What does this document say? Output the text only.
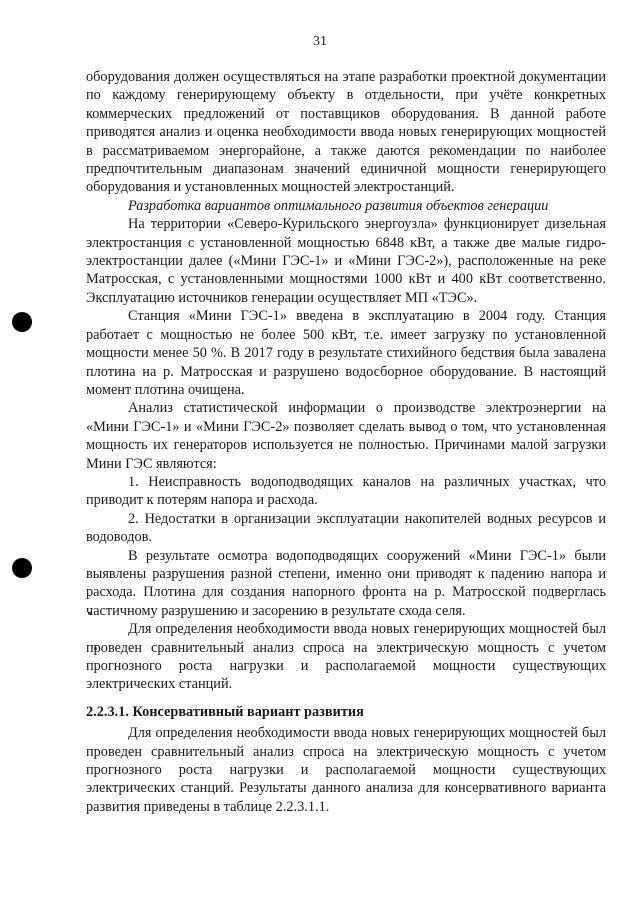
31

оборудования должен осуществляться на этапе разработки проектной документации по каждому генерирующему объекту в отдельности, при учёте конкретных коммерческих предложений от поставщиков оборудования. В данной работе приводятся анализ и оценка необходимости ввода новых генерирующих мощностей в рассматриваемом энергорайоне, а также даются рекомендации по наиболее предпочтительным диапазонам значений единичной мощности генерирующего оборудования и установленных мощностей электростанций.

Разработка вариантов оптимального развития объектов генерации

На территории «Северо-Курильского энергоузла» функционирует дизельная электростанция с установленной мощностью 6848 кВт, а также две малые гидро-электростанции далее («Мини ГЭС-1» и «Мини ГЭС-2»), расположенные на реке Матросская, с установленными мощностями 1000 кВт и 400 кВт соответственно. Эксплуатацию источников генерации осуществляет МП «ТЭС».

Станция «Мини ГЭС-1» введена в эксплуатацию в 2004 году. Станция работает с мощностью не более 500 кВт, т.е. имеет загрузку по установленной мощности менее 50 %. В 2017 году в результате стихийного бедствия была завалена плотина на р. Матросская и разрушено водосборное оборудование. В настоящий момент плотина очищена.

Анализ статистической информации о производстве электроэнергии на «Мини ГЭС-1» и «Мини ГЭС-2» позволяет сделать вывод о том, что установленная мощность их генераторов используется не полностью. Причинами малой загрузки Мини ГЭС являются:

1. Неисправность водоподводящих каналов на различных участках, что приводит к потерям напора и расхода.

2. Недостатки в организации эксплуатации накопителей водных ресурсов и водоводов.

В результате осмотра водоподводящих сооружений «Мини ГЭС-1» были выявлены разрушения разной степени, именно они приводят к падению напора и расхода. Плотина для создания напорного фронта на р. Матросской подверглась частичному разрушению и засорению в результате схода селя.

Для определения необходимости ввода новых генерирующих мощностей был проведен сравнительный анализ спроса на электрическую мощность с учетом прогнозного роста нагрузки и располагаемой мощности существующих электрических станций.

2.2.3.1. Консервативный вариант развития

Для определения необходимости ввода новых генерирующих мощностей был проведен сравнительный анализ спроса на электрическую мощность с учетом прогнозного роста нагрузки и располагаемой мощности существующих электрических станций. Результаты данного анализа для консервативного варианта развития приведены в таблице 2.2.3.1.1.
